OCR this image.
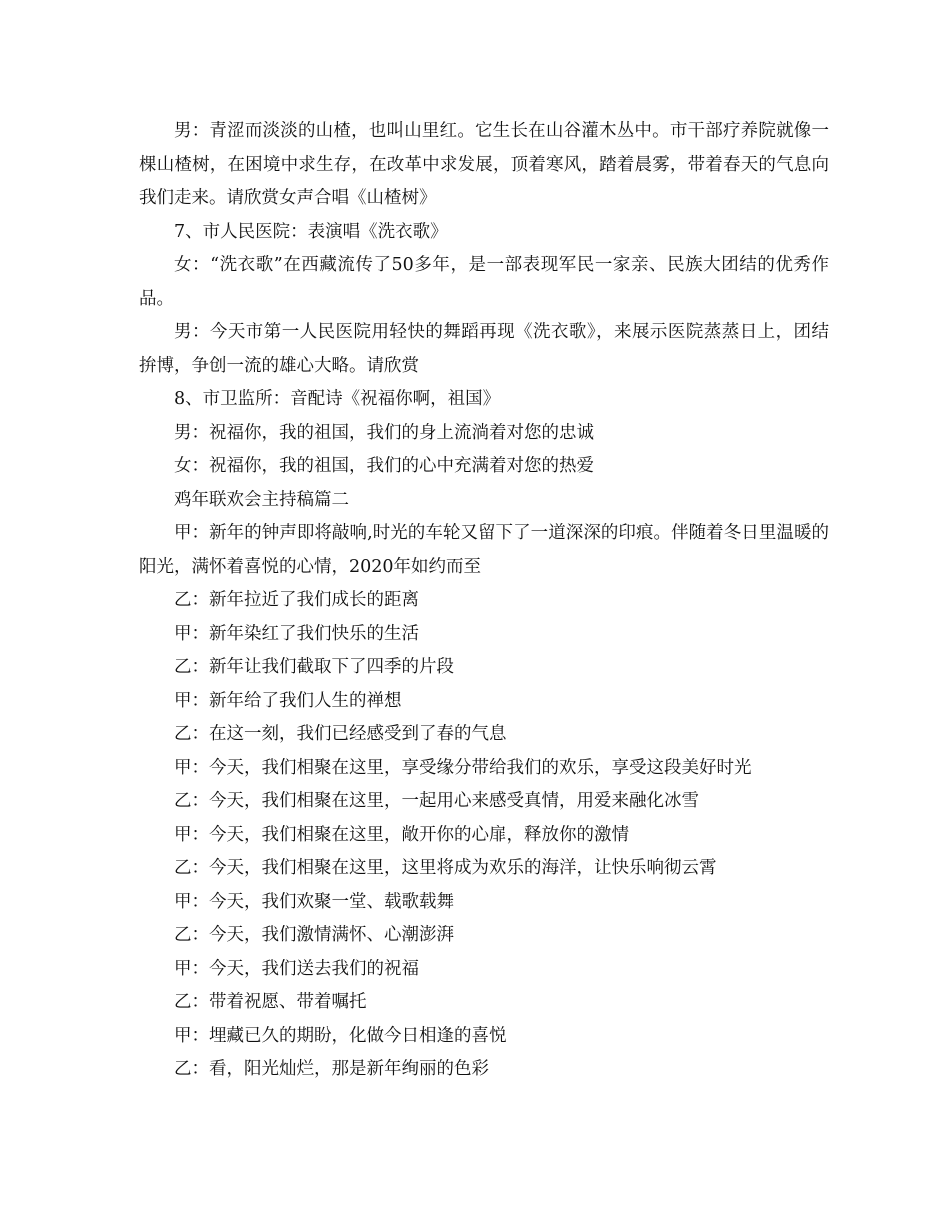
男：青涩而淡淡的山楂，也叫山里红。它生长在山谷灌木丛中。市干部疗养院就像一棵山楂树，在困境中求生存，在改革中求发展，顶着寒风，踏着晨雾，带着春天的气息向我们走来。请欣赏女声合唱《山楂树》

7、市人民医院：表演唱《洗衣歌》

女：“洗衣歌”在西藏流传了50多年，是一部表现军民一家亲、民族大团结的优秀作品。

男：今天市第一人民医院用轻快的舞蹈再现《洗衣歌》，来展示医院蒸蒸日上，团结拚博，争创一流的雄心大略。请欣赏

8、市卫监所：音配诗《祝福你啊，祖国》

男：祝福你，我的祖国，我们的身上流淌着对您的忠诚

女：祝福你，我的祖国，我们的心中充满着对您的热爱

鸡年联欢会主持稿篇二

甲：新年的钟声即将敲响,时光的车轮又留下了一道深深的印痕。伴随着冬日里温暖的阳光，满怀着喜悦的心情，2020年如约而至

乙：新年拉近了我们成长的距离

甲：新年染红了我们快乐的生活

乙：新年让我们截取下了四季的片段

甲：新年给了我们人生的禅想

乙：在这一刻，我们已经感受到了春的气息

甲：今天，我们相聚在这里，享受缘分带给我们的欢乐，享受这段美好时光

乙：今天，我们相聚在这里，一起用心来感受真情，用爱来融化冰雪

甲：今天，我们相聚在这里，敞开你的心扉，释放你的激情

乙：今天，我们相聚在这里，这里将成为欢乐的海洋，让快乐响彻云霄

甲：今天，我们欢聚一堂、载歌载舞

乙：今天，我们激情满怀、心潮澎湃

甲：今天，我们送去我们的祝福

乙：带着祝愿、带着嘱托

甲：埋藏已久的期盼，化做今日相逢的喜悦

乙：看，阳光灿烂，那是新年绚丽的色彩
